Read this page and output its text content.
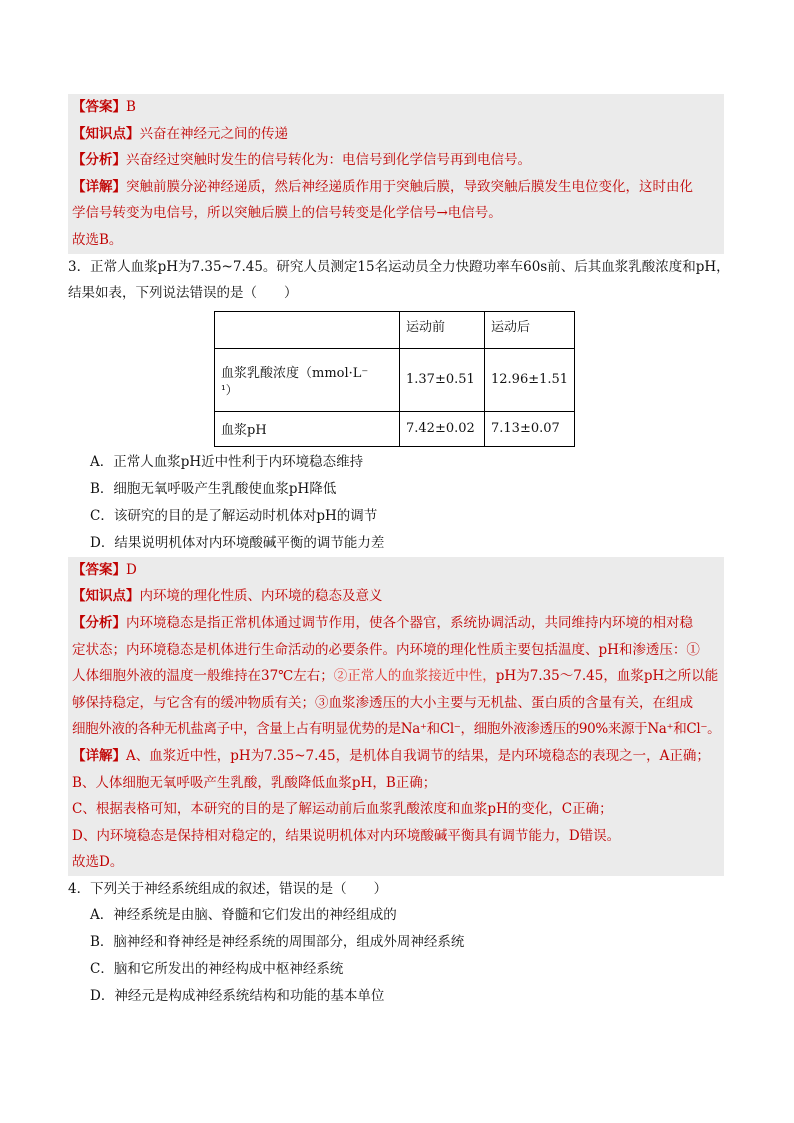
【答案】B
【知识点】兴奋在神经元之间的传递
【分析】兴奋经过突触时发生的信号转化为：电信号到化学信号再到电信号。
【详解】突触前膜分泌神经递质，然后神经递质作用于突触后膜，导致突触后膜发生电位变化，这时由化
学信号转变为电信号，所以突触后膜上的信号转变是化学信号→电信号。
故选B。
3．正常人血浆pH为7.35~7.45。研究人员测定15名运动员全力快蹬功率车60s前、后其血浆乳酸浓度和pH，
结果如表，下列说法错误的是（　　）
	运动前	运动后

血浆乳酸浓度（mmol·L⁻
¹）	1.37±0.51	12.96±1.51
血浆pH	7.42±0.02	7.13±0.07
A．正常人血浆pH近中性利于内环境稳态维持
B．细胞无氧呼吸产生乳酸使血浆pH降低
C．该研究的目的是了解运动时机体对pH的调节
D．结果说明机体对内环境酸碱平衡的调节能力差
【答案】D
【知识点】内环境的理化性质、内环境的稳态及意义
【分析】内环境稳态是指正常机体通过调节作用，使各个器官，系统协调活动，共同维持内环境的相对稳
定状态；内环境稳态是机体进行生命活动的必要条件。内环境的理化性质主要包括温度、pH和渗透压：①
人体细胞外液的温度一般维持在37℃左右；②正常人的血浆接近中性，pH为7.35～7.45，血浆pH之所以能
够保持稳定，与它含有的缓冲物质有关；③血浆渗透压的大小主要与无机盐、蛋白质的含量有关，在组成
细胞外液的各种无机盐离子中，含量上占有明显优势的是Na⁺和Cl⁻，细胞外液渗透压的90%来源于Na⁺和Cl⁻。
【详解】A、血浆近中性，pH为7.35~7.45，是机体自我调节的结果，是内环境稳态的表现之一，A正确；
B、人体细胞无氧呼吸产生乳酸，乳酸降低血浆pH，B正确；
C、根据表格可知，本研究的目的是了解运动前后血浆乳酸浓度和血浆pH的变化，C正确；
D、内环境稳态是保持相对稳定的，结果说明机体对内环境酸碱平衡具有调节能力，D错误。
故选D。
4．下列关于神经系统组成的叙述，错误的是（　　）
A．神经系统是由脑、脊髓和它们发出的神经组成的
B．脑神经和脊神经是神经系统的周围部分，组成外周神经系统
C．脑和它所发出的神经构成中枢神经系统
D．神经元是构成神经系统结构和功能的基本单位
